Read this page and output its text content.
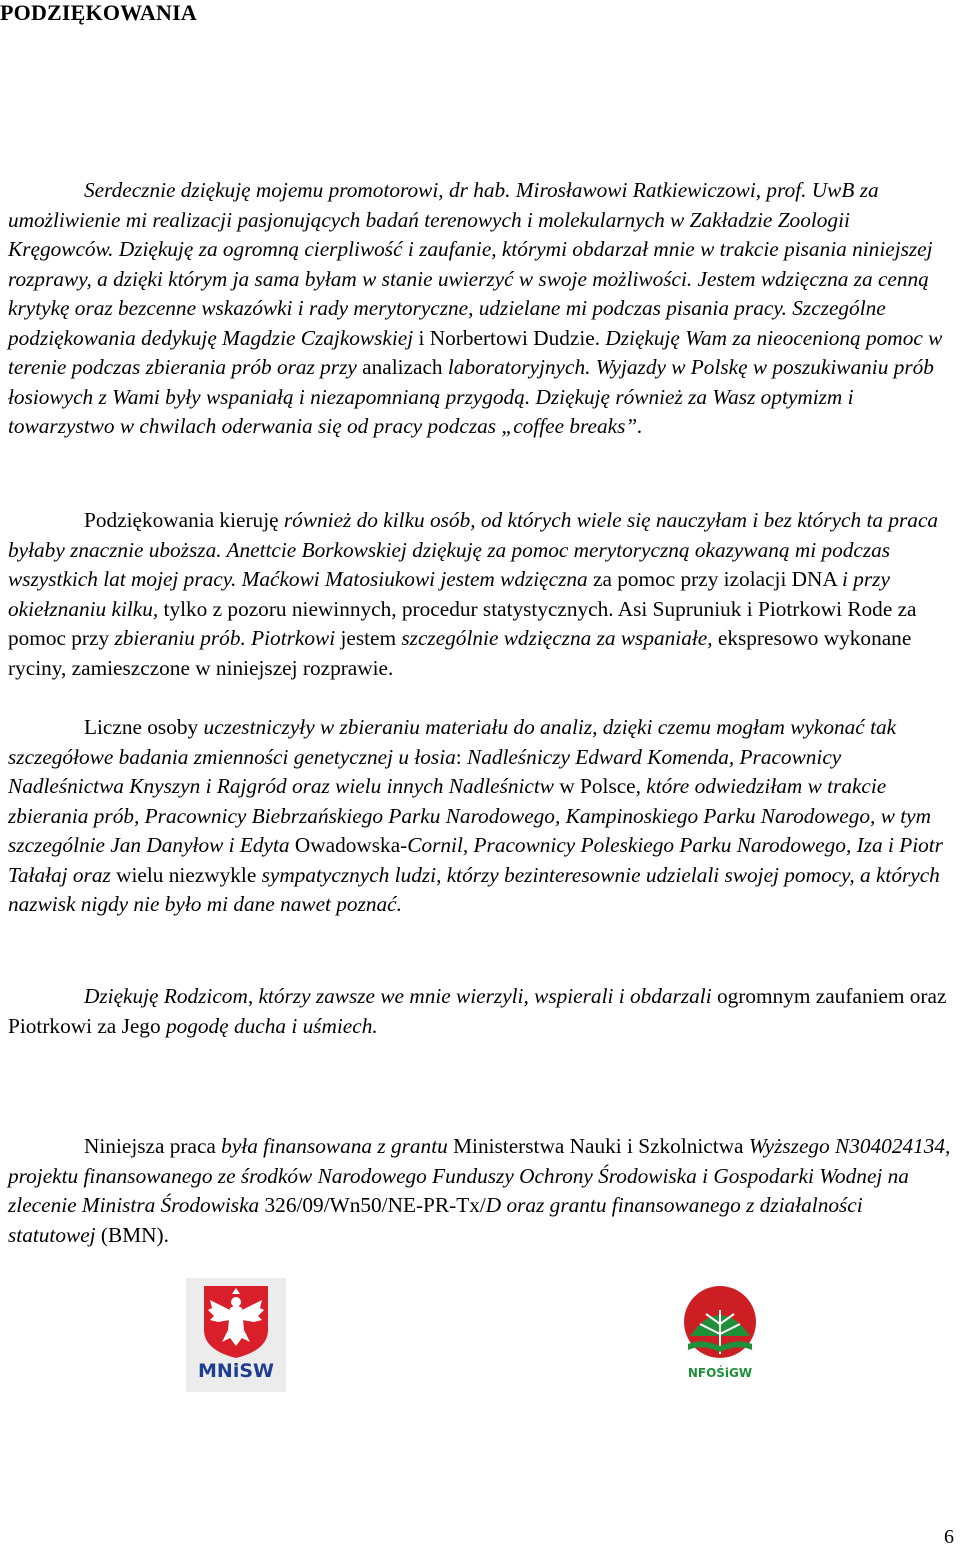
PODZIĘKOWANIA

Serdecznie dziękuję mojemu promotorowi, dr hab. Mirosławowi Ratkiewiczowi, prof. UwB za umożliwienie mi realizacji pasjonujących badań terenowych i molekularnych w Zakładzie Zoologii Kręgowców. Dziękuję za ogromną cierpliwość i zaufanie, którymi obdarzał mnie w trakcie pisania niniejszej rozprawy, a dzięki którym ja sama byłam w stanie uwierzyć w swoje możliwości. Jestem wdzięczna za cenną krytykę oraz bezcenne wskazówki i rady merytoryczne, udzielane mi podczas pisania pracy. Szczególne podziękowania dedykuję Magdzie Czajkowskiej i Norbertowi Dudzie. Dziękuję Wam za nieocenioną pomoc w terenie podczas zbierania prób oraz przy analizach laboratoryjnych. Wyjazdy w Polskę w poszukiwaniu prób łosiowych z Wami były wspaniałą i niezapomnianą przygodą. Dziękuję również za Wasz optymizm i towarzystwo w chwilach oderwania się od pracy podczas „coffee breaks”.

Podziękowania kieruję również do kilku osób, od których wiele się nauczyłam i bez których ta praca byłaby znacznie uboższa. Anettcie Borkowskiej dziękuję za pomoc merytoryczną okazywaną mi podczas wszystkich lat mojej pracy. Maćkowi Matosiukowi jestem wdzięczna za pomoc przy izolacji DNA i przy okiełznaniu kilku, tylko z pozoru niewinnych, procedur statystycznych. Asi Supruniuk i Piotrkowi Rode za pomoc przy zbieraniu prób. Piotrkowi jestem szczególnie wdzięczna za wspaniałe, ekspresowo wykonane ryciny, zamieszczone w niniejszej rozprawie.

Liczne osoby uczestniczyły w zbieraniu materiału do analiz, dzięki czemu mogłam wykonać tak szczegółowe badania zmienności genetycznej u łosia: Nadleśniczy Edward Komenda, Pracownicy Nadleśnictwa Knyszyn i Rajgród oraz wielu innych Nadleśnictw w Polsce, które odwiedziłam w trakcie zbierania prób, Pracownicy Biebrzańskiego Parku Narodowego, Kampinoskiego Parku Narodowego, w tym szczególnie Jan Danyłow i Edyta Owadowska-Cornil, Pracownicy Poleskiego Parku Narodowego, Iza i Piotr Tałałaj oraz wielu niezwykle sympatycznych ludzi, którzy bezinteresownie udzielali swojej pomocy, a których nazwisk nigdy nie było mi dane nawet poznać.

Dziękuję Rodzicom, którzy zawsze we mnie wierzyli, wspierali i obdarzali ogromnym zaufaniem oraz Piotrkowi za Jego pogodę ducha i uśmiech.

Niniejsza praca była finansowana z grantu Ministerstwa Nauki i Szkolnictwa Wyższego N304024134, projektu finansowanego ze środków Narodowego Funduszy Ochrony Środowiska i Gospodarki Wodnej na zlecenie Ministra Środowiska 326/09/Wn50/NE-PR-Tx/D oraz grantu finansowanego z działalności statutowej (BMN).

MNiSW	NFOŚiGW
6
